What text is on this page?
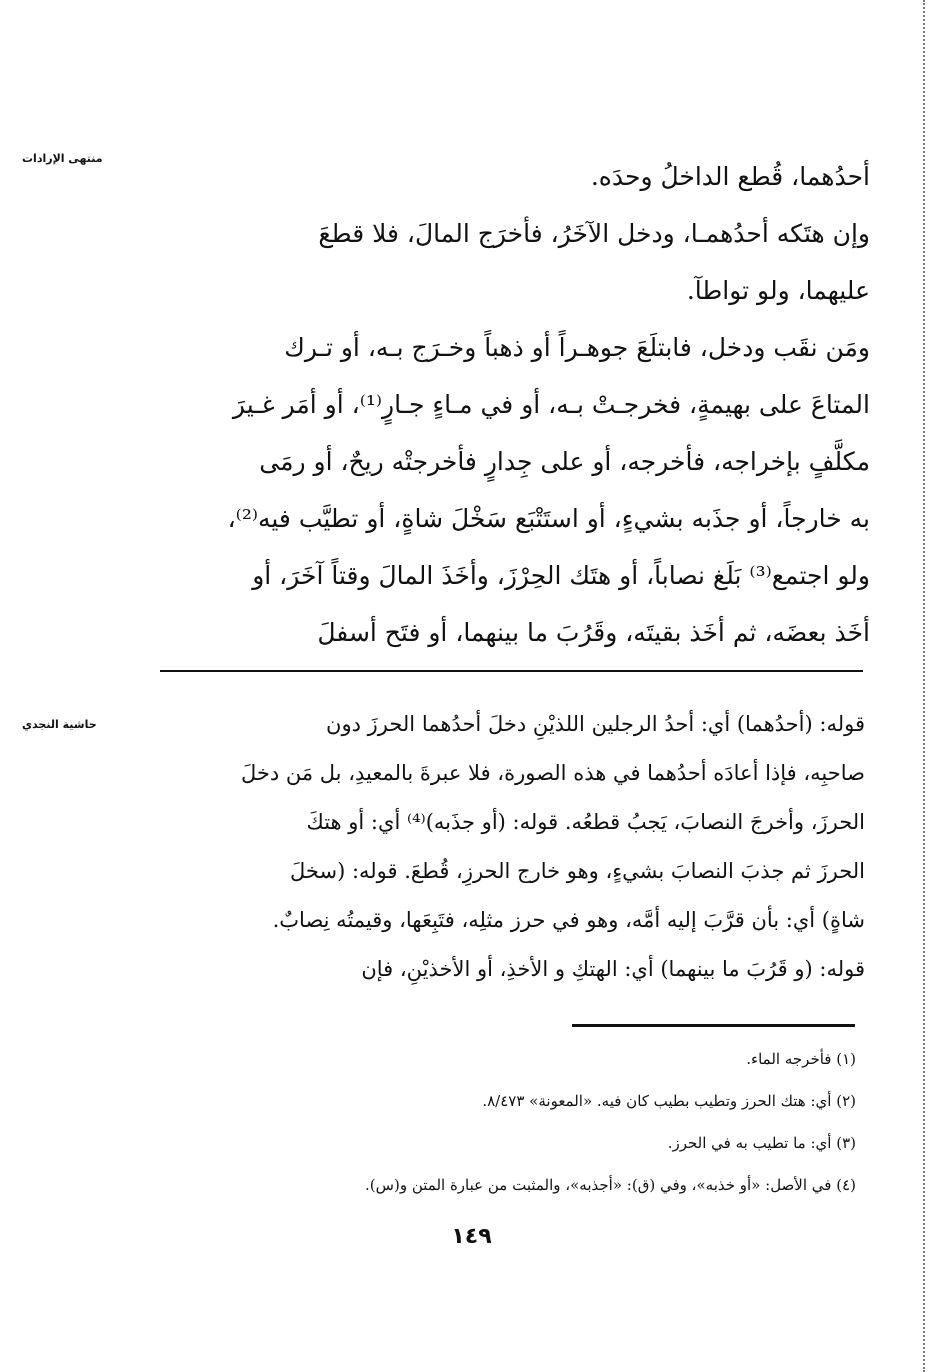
منتهى الإرادات
حاشية النجدي
أحدُهما، قُطع الداخلُ وحدَه.
وإن هتَكه أحدُهمـا، ودخل الآخَرُ، فأخرَج المالَ، فلا قطعَ
عليهما، ولو تواطآ.
ومَن نقَب ودخل، فابتلَعَ جوهـراً أو ذهباً وخـرَج بـه، أو تـرك
المتاعَ على بهيمةٍ، فخرجـتْ بـه، أو في مـاءٍ جـارٍ⁽¹⁾، أو أمَر غـيرَ
مكلَّفٍ بإخراجه، فأخرجه، أو على جِدارٍ فأخرجتْه ريحٌ، أو رمَى
به خارجاً، أو جذَبه بشيءٍ، أو استَتْبَع سَخْلَ شاةٍ، أو تطيَّب فيه⁽²⁾،
ولو اجتمع⁽³⁾ بَلَغ نصاباً، أو هتَك الحِرْزَ، وأخَذَ المالَ وقتاً آخَرَ، أو
أخَذ بعضَه، ثم أخَذ بقيتَه، وقَرُبَ ما بينهما، أو فتَح أسفلَ
قوله: (أحدُهما) أي: أحدُ الرجلين اللذيْنِ دخلَ أحدُهما الحرزَ دون
صاحبِه، فإذا أعادَه أحدُهما في هذه الصورة، فلا عبرةَ بالمعيدِ، بل مَن دخلَ
الحرزَ، وأخرجَ النصابَ، يَجبُ قطعُه. قوله: (أو جذَبه)⁽⁴⁾ أي: أو هتكَ
الحرزَ ثم جذبَ النصابَ بشيءٍ، وهو خارج الحرزِ، قُطعَ. قوله: (سخلَ
شاةٍ) أي: بأن قرَّبَ إليه أمَّه، وهو في حرز مثلِه، فتَبِعَها، وقيمتُه نِصابٌ.
قوله: (و قَرُبَ ما بينهما) أي: الهتكِ و الأخذِ، أو الأخذيْنِ، فإن
(١) فأخرجه الماء.
(٢) أي: هتك الحرز وتطيب بطيب كان فيه. «المعونة» ٨/٤٧٣.
(٣) أي: ما تطيب به في الحرز.
(٤) في الأصل: «أو خذبه»، وفي (ق): «أجذبه»، والمثبت من عبارة المتن و(س).
١٤٩
